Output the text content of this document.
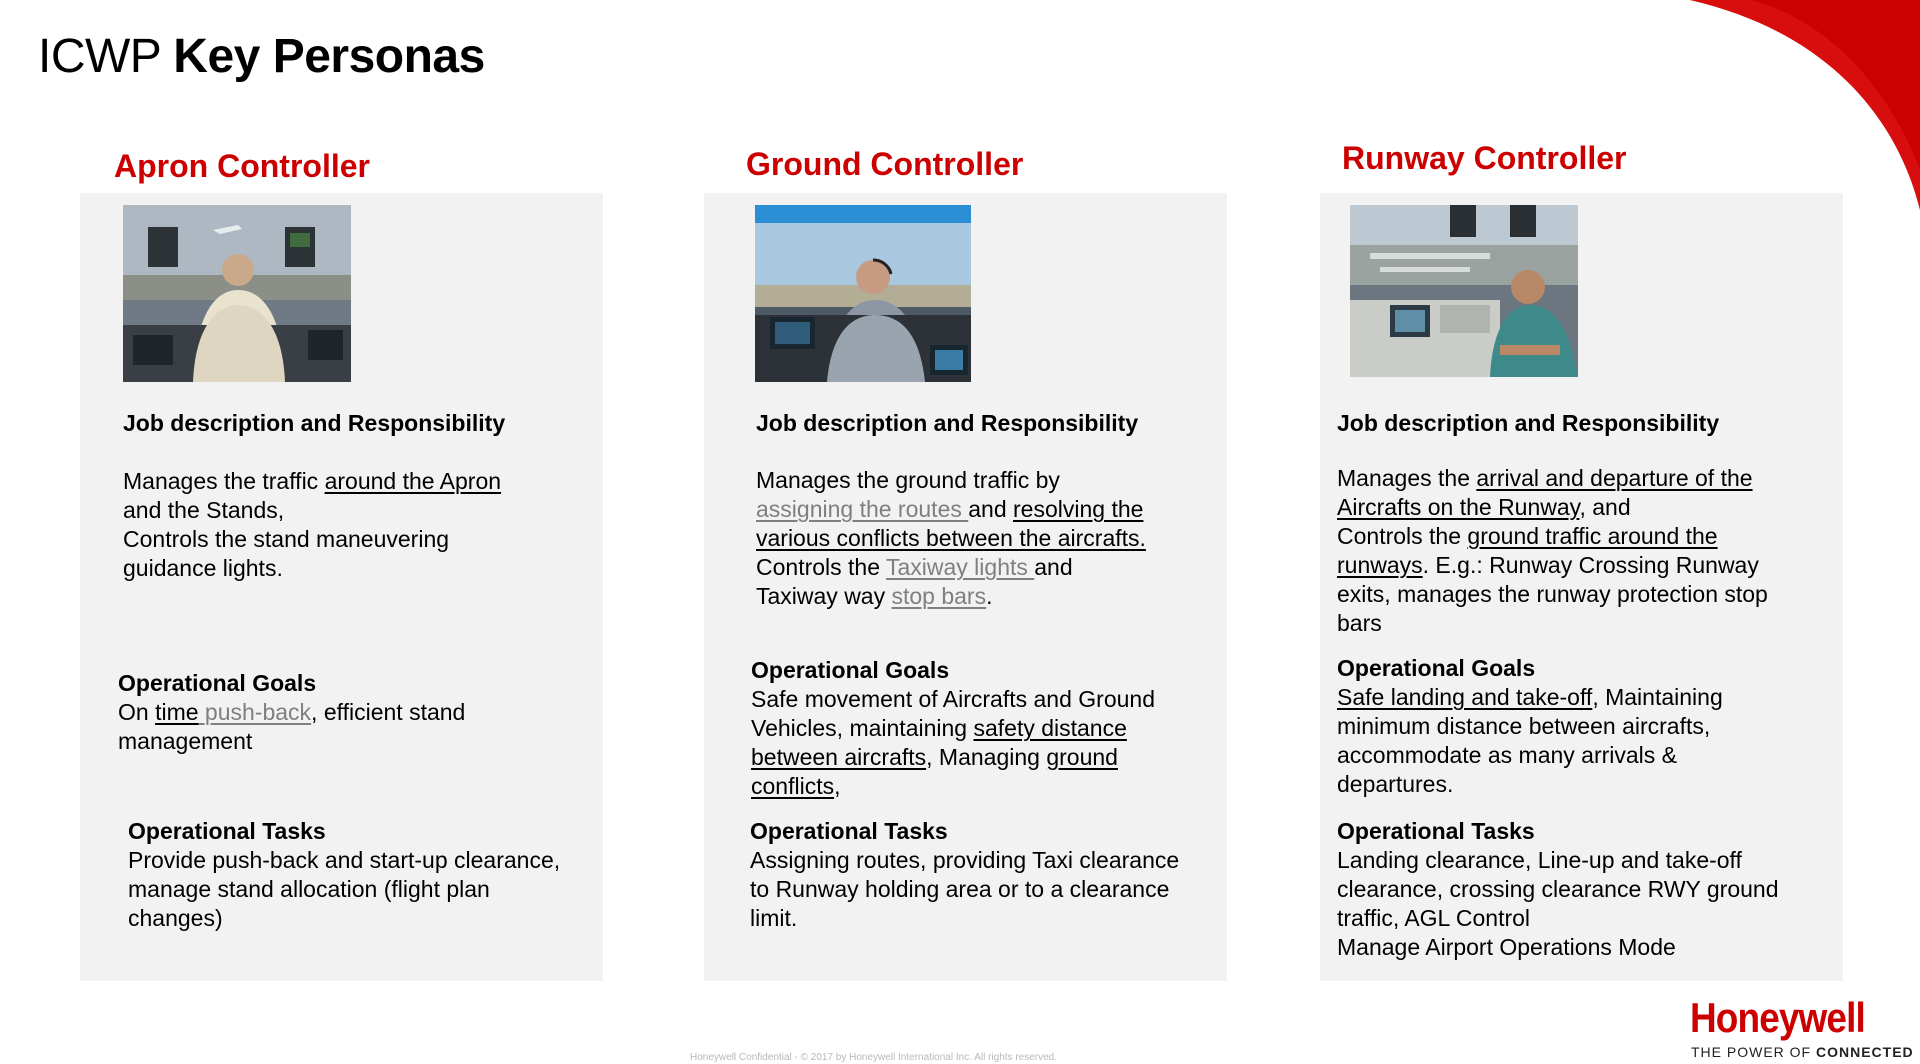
ICWP Key Personas
Apron Controller
Job description and Responsibility
Manages the traffic around the Apron
and the Stands,
Controls the stand maneuvering
guidance lights.
Operational Goals
On time push-back, efficient stand
management
Operational Tasks
Provide push-back and start-up clearance,
manage stand allocation (flight plan
changes)
Ground Controller
Job description and Responsibility
Manages the ground traffic by
assigning the routes and resolving the
various conflicts between the aircrafts.
Controls the Taxiway lights and
Taxiway way stop bars.
Operational Goals
Safe movement of Aircrafts and Ground
Vehicles, maintaining safety distance
between aircrafts, Managing ground
conflicts,
Operational Tasks
Assigning routes, providing Taxi clearance
to Runway holding area or to a clearance
limit.
Runway Controller
Job description and Responsibility
Manages the arrival and departure of the
Aircrafts on the Runway, and
Controls the ground traffic around the
runways. E.g.: Runway Crossing Runway
exits, manages the runway protection stop
bars
Operational Goals
Safe landing and take-off, Maintaining
minimum distance between aircrafts,
accommodate as many arrivals &
departures.
Operational Tasks
Landing clearance, Line-up and take-off
clearance, crossing clearance RWY ground
traffic, AGL Control
Manage Airport Operations Mode
Honeywell Confidential - © 2017 by Honeywell International Inc. All rights reserved.
Honeywell
THE POWER OF CONNECTED
